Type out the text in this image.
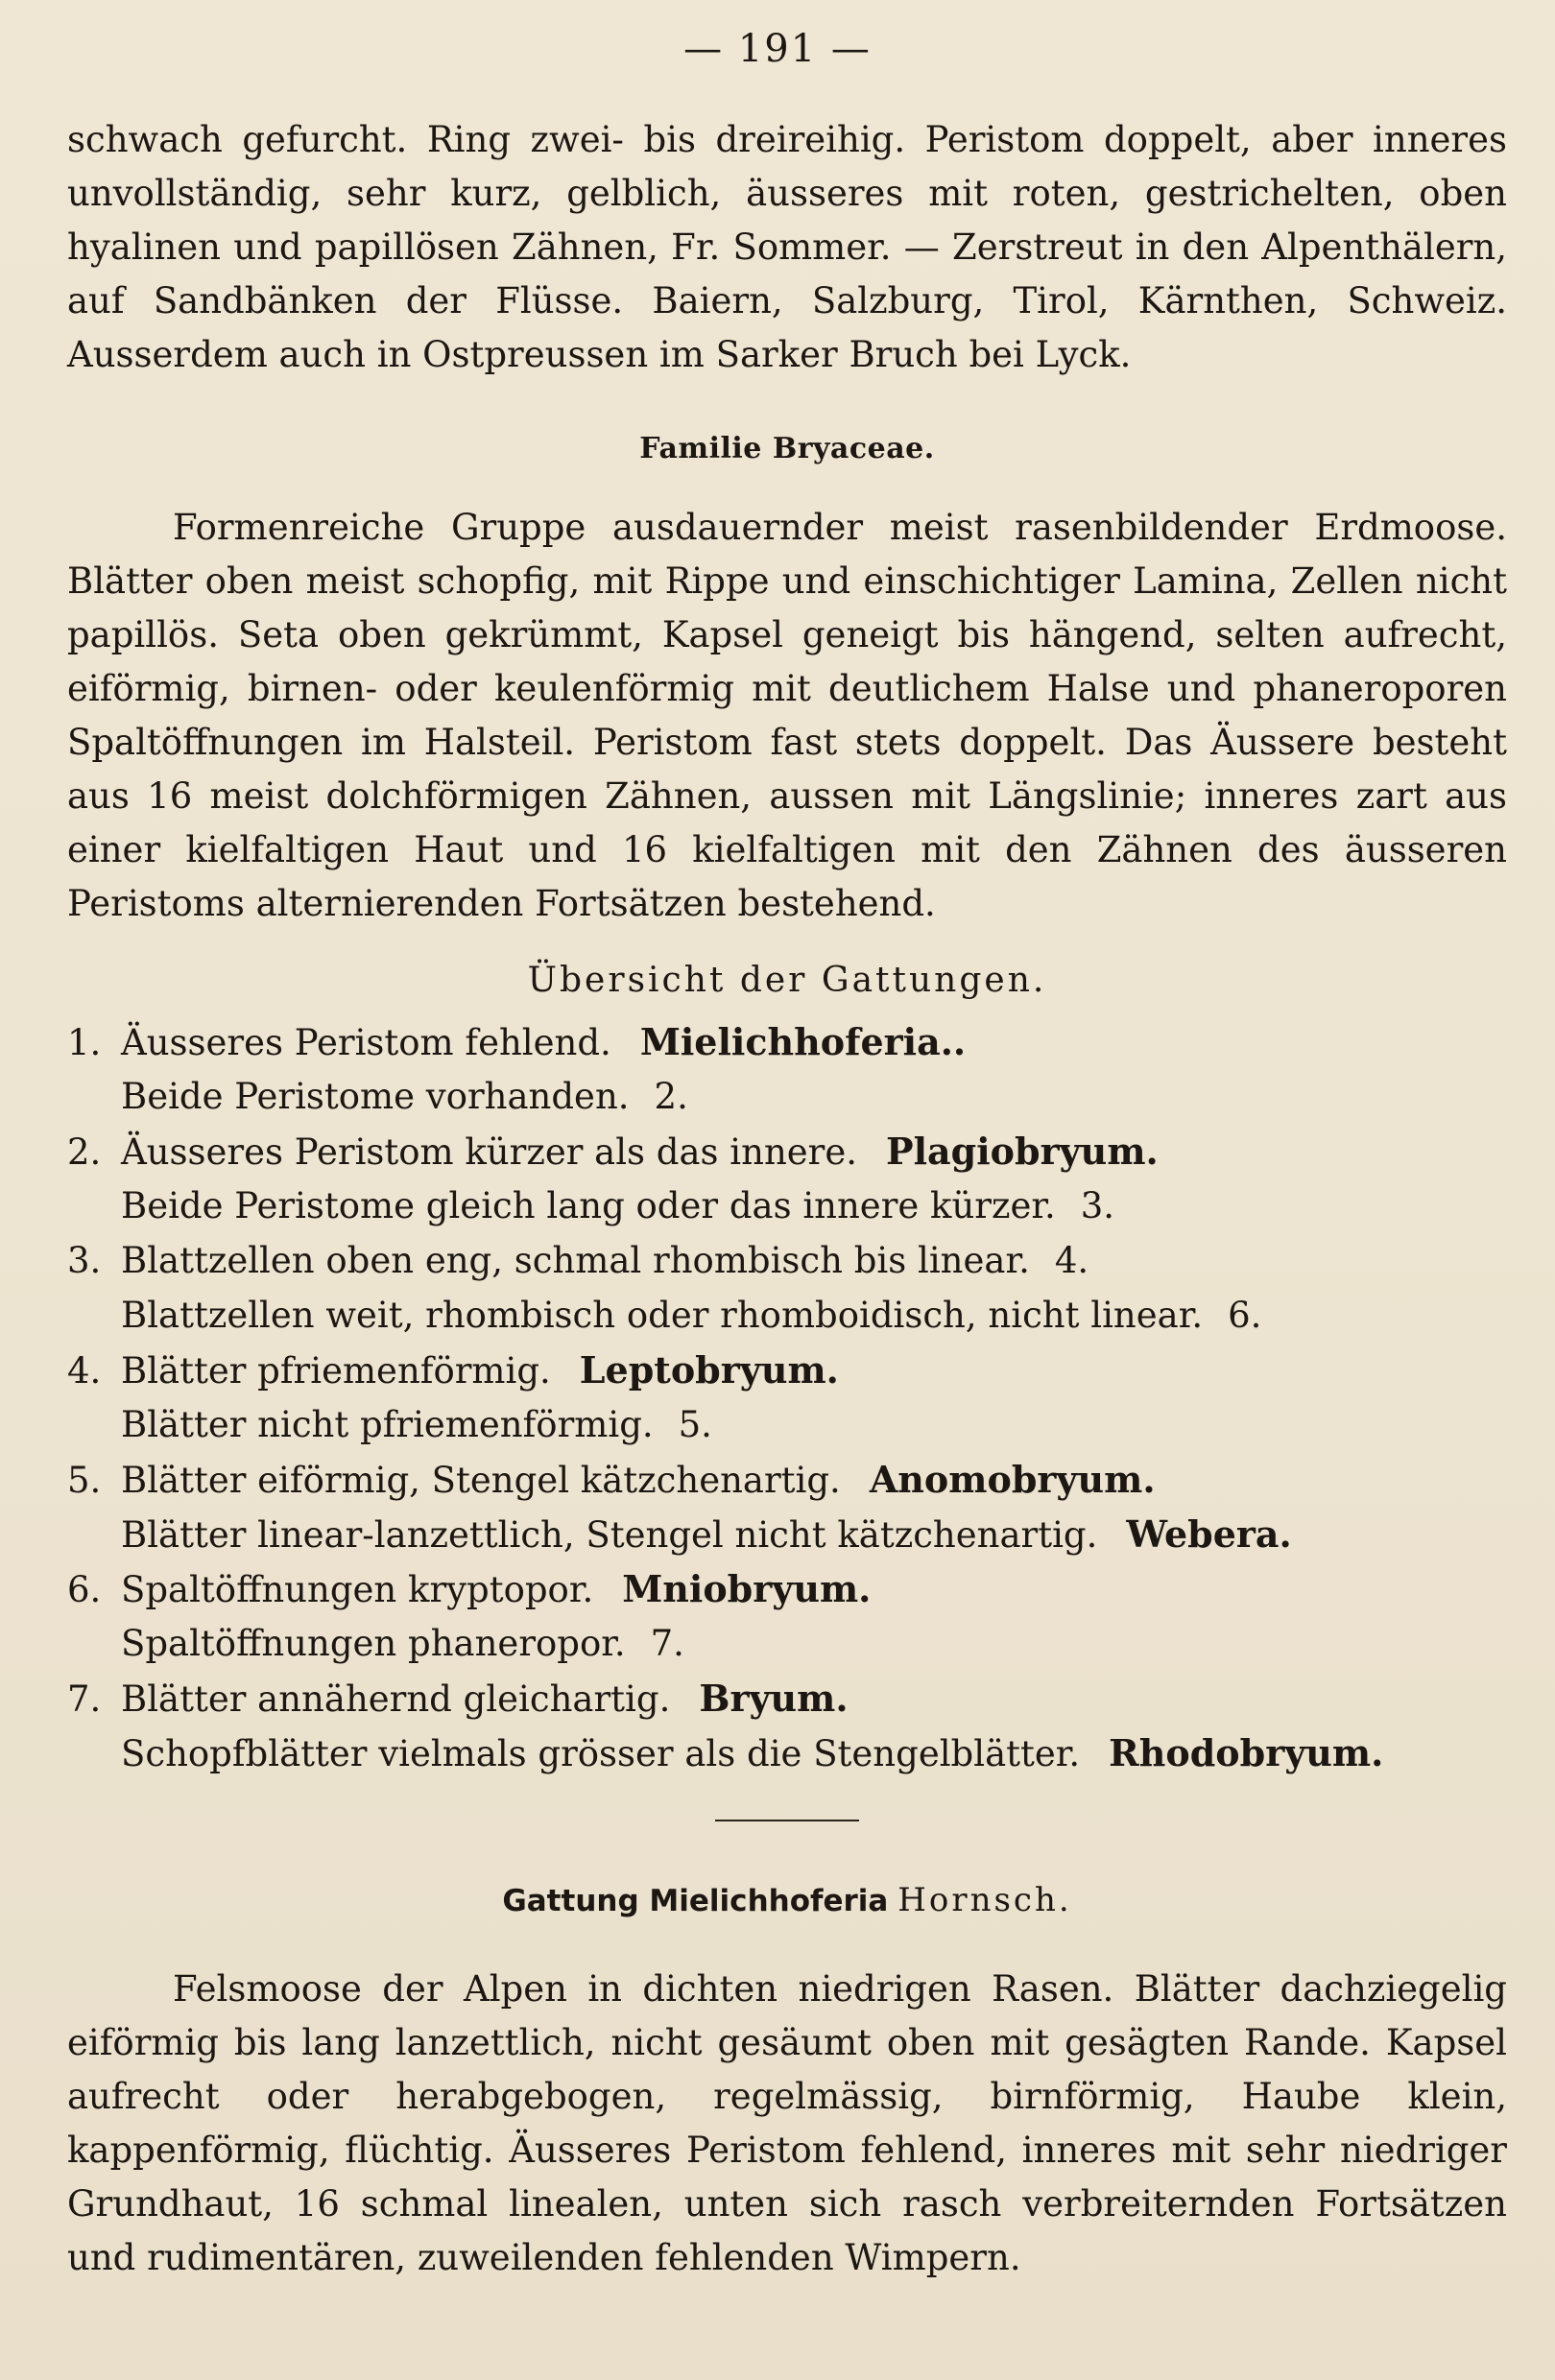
— 191 —

schwach gefurcht. Ring zwei- bis dreireihig. Peristom doppelt, aber inneres unvollständig, sehr kurz, gelblich, äusseres mit roten, gestrichelten, oben hyalinen und papillösen Zähnen, Fr. Sommer. — Zerstreut in den Alpenthälern, auf Sandbänken der Flüsse. Baiern, Salzburg, Tirol, Kärnthen, Schweiz. Ausserdem auch in Ostpreussen im Sarker Bruch bei Lyck.

Familie Bryaceae.

Formenreiche Gruppe ausdauernder meist rasenbildender Erdmoose. Blätter oben meist schopfig, mit Rippe und einschichtiger Lamina, Zellen nicht papillös. Seta oben gekrümmt, Kapsel geneigt bis hängend, selten aufrecht, eiförmig, birnen- oder keulenförmig mit deutlichem Halse und phaneroporen Spaltöffnungen im Halsteil. Peristom fast stets doppelt. Das Äussere besteht aus 16 meist dolchförmigen Zähnen, aussen mit Längslinie; inneres zart aus einer kielfaltigen Haut und 16 kielfaltigen mit den Zähnen des äusseren Peristoms alternierenden Fortsätzen bestehend.

Übersicht der Gattungen.
1. Äusseres Peristom fehlend. Mielichhoferia..
Beide Peristome vorhanden. 2.
2. Äusseres Peristom kürzer als das innere. Plagiobryum.
Beide Peristome gleich lang oder das innere kürzer. 3.
3. Blattzellen oben eng, schmal rhombisch bis linear. 4.
Blattzellen weit, rhombisch oder rhomboidisch, nicht linear. 6.
4. Blätter pfriemenförmig. Leptobryum.
Blätter nicht pfriemenförmig. 5.
5. Blätter eiförmig, Stengel kätzchenartig. Anomobryum.
Blätter linear-lanzettlich, Stengel nicht kätzchenartig. Webera.
6. Spaltöffnungen kryptopor. Mniobryum.
Spaltöffnungen phaneropor. 7.
7. Blätter annähernd gleichartig. Bryum.
Schopfblätter vielmals grösser als die Stengelblätter. Rhodobryum.
Gattung Mielichhoferia Hornsch.

Felsmoose der Alpen in dichten niedrigen Rasen. Blätter dachziegelig eiförmig bis lang lanzettlich, nicht gesäumt oben mit gesägten Rande. Kapsel aufrecht oder herabgebogen, regelmässig, birnförmig, Haube klein, kappenförmig, flüchtig. Äusseres Peristom fehlend, inneres mit sehr niedriger Grundhaut, 16 schmal linealen, unten sich rasch verbreiternden Fortsätzen und rudimentären, zuweilenden fehlenden Wimpern.
